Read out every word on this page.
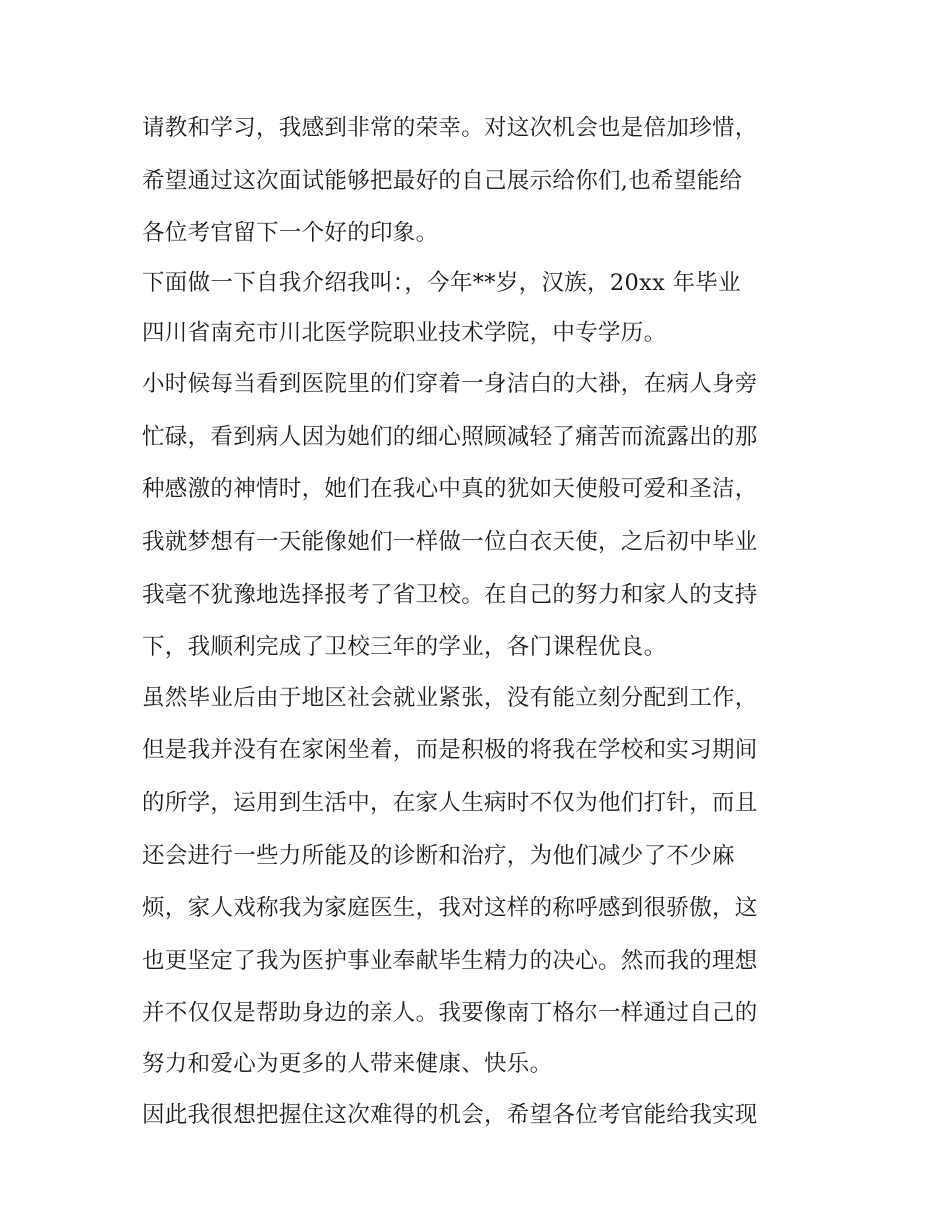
请教和学习，我感到非常的荣幸。对这次机会也是倍加珍惜，
希望通过这次面试能够把最好的自己展示给你们,也希望能给
各位考官留下一个好的印象。
下面做一下自我介绍我叫：，今年**岁，汉族，20xx 年毕业
四川省南充市川北医学院职业技术学院，中专学历。
小时候每当看到医院里的们穿着一身洁白的大褂，在病人身旁
忙碌，看到病人因为她们的细心照顾减轻了痛苦而流露出的那
种感激的神情时，她们在我心中真的犹如天使般可爱和圣洁，
我就梦想有一天能像她们一样做一位白衣天使，之后初中毕业
我毫不犹豫地选择报考了省卫校。在自己的努力和家人的支持
下，我顺利完成了卫校三年的学业，各门课程优良。
虽然毕业后由于地区社会就业紧张，没有能立刻分配到工作，
但是我并没有在家闲坐着，而是积极的将我在学校和实习期间
的所学，运用到生活中，在家人生病时不仅为他们打针，而且
还会进行一些力所能及的诊断和治疗，为他们减少了不少麻
烦，家人戏称我为家庭医生，我对这样的称呼感到很骄傲，这
也更坚定了我为医护事业奉献毕生精力的决心。然而我的理想
并不仅仅是帮助身边的亲人。我要像南丁格尔一样通过自己的
努力和爱心为更多的人带来健康、快乐。
因此我很想把握住这次难得的机会，希望各位考官能给我实现
